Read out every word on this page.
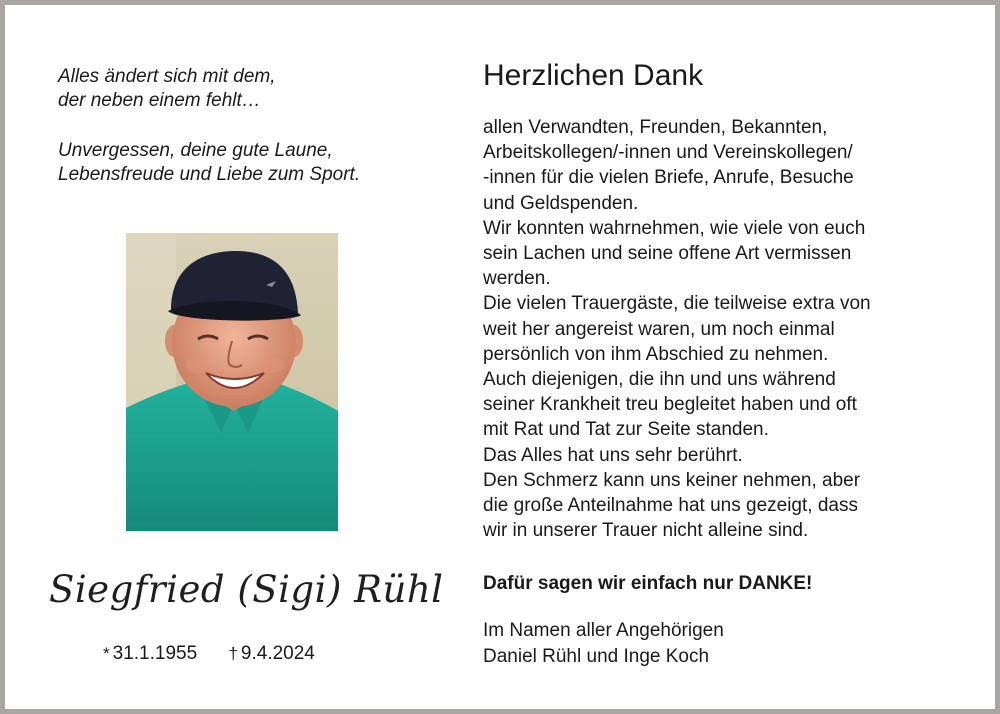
Alles ändert sich mit dem,
der neben einem fehlt…
Unvergessen, deine gute Laune,
Lebensfreude und Liebe zum Sport.
Siegfried (Sigi) Rühl
* 31.1.1955 † 9.4.2024
Herzlichen Dank
allen Verwandten, Freunden, Bekannten,
Arbeitskollegen/-innen und Vereinskollegen/
-innen für die vielen Briefe, Anrufe, Besuche
und Geldspenden.
Wir konnten wahrnehmen, wie viele von euch
sein Lachen und seine offene Art vermissen
werden.
Die vielen Trauergäste, die teilweise extra von
weit her angereist waren, um noch einmal
persönlich von ihm Abschied zu nehmen.
Auch diejenigen, die ihn und uns während
seiner Krankheit treu begleitet haben und oft
mit Rat und Tat zur Seite standen.
Das Alles hat uns sehr berührt.
Den Schmerz kann uns keiner nehmen, aber
die große Anteilnahme hat uns gezeigt, dass
wir in unserer Trauer nicht alleine sind.
Dafür sagen wir einfach nur DANKE!
Im Namen aller Angehörigen
Daniel Rühl und Inge Koch
